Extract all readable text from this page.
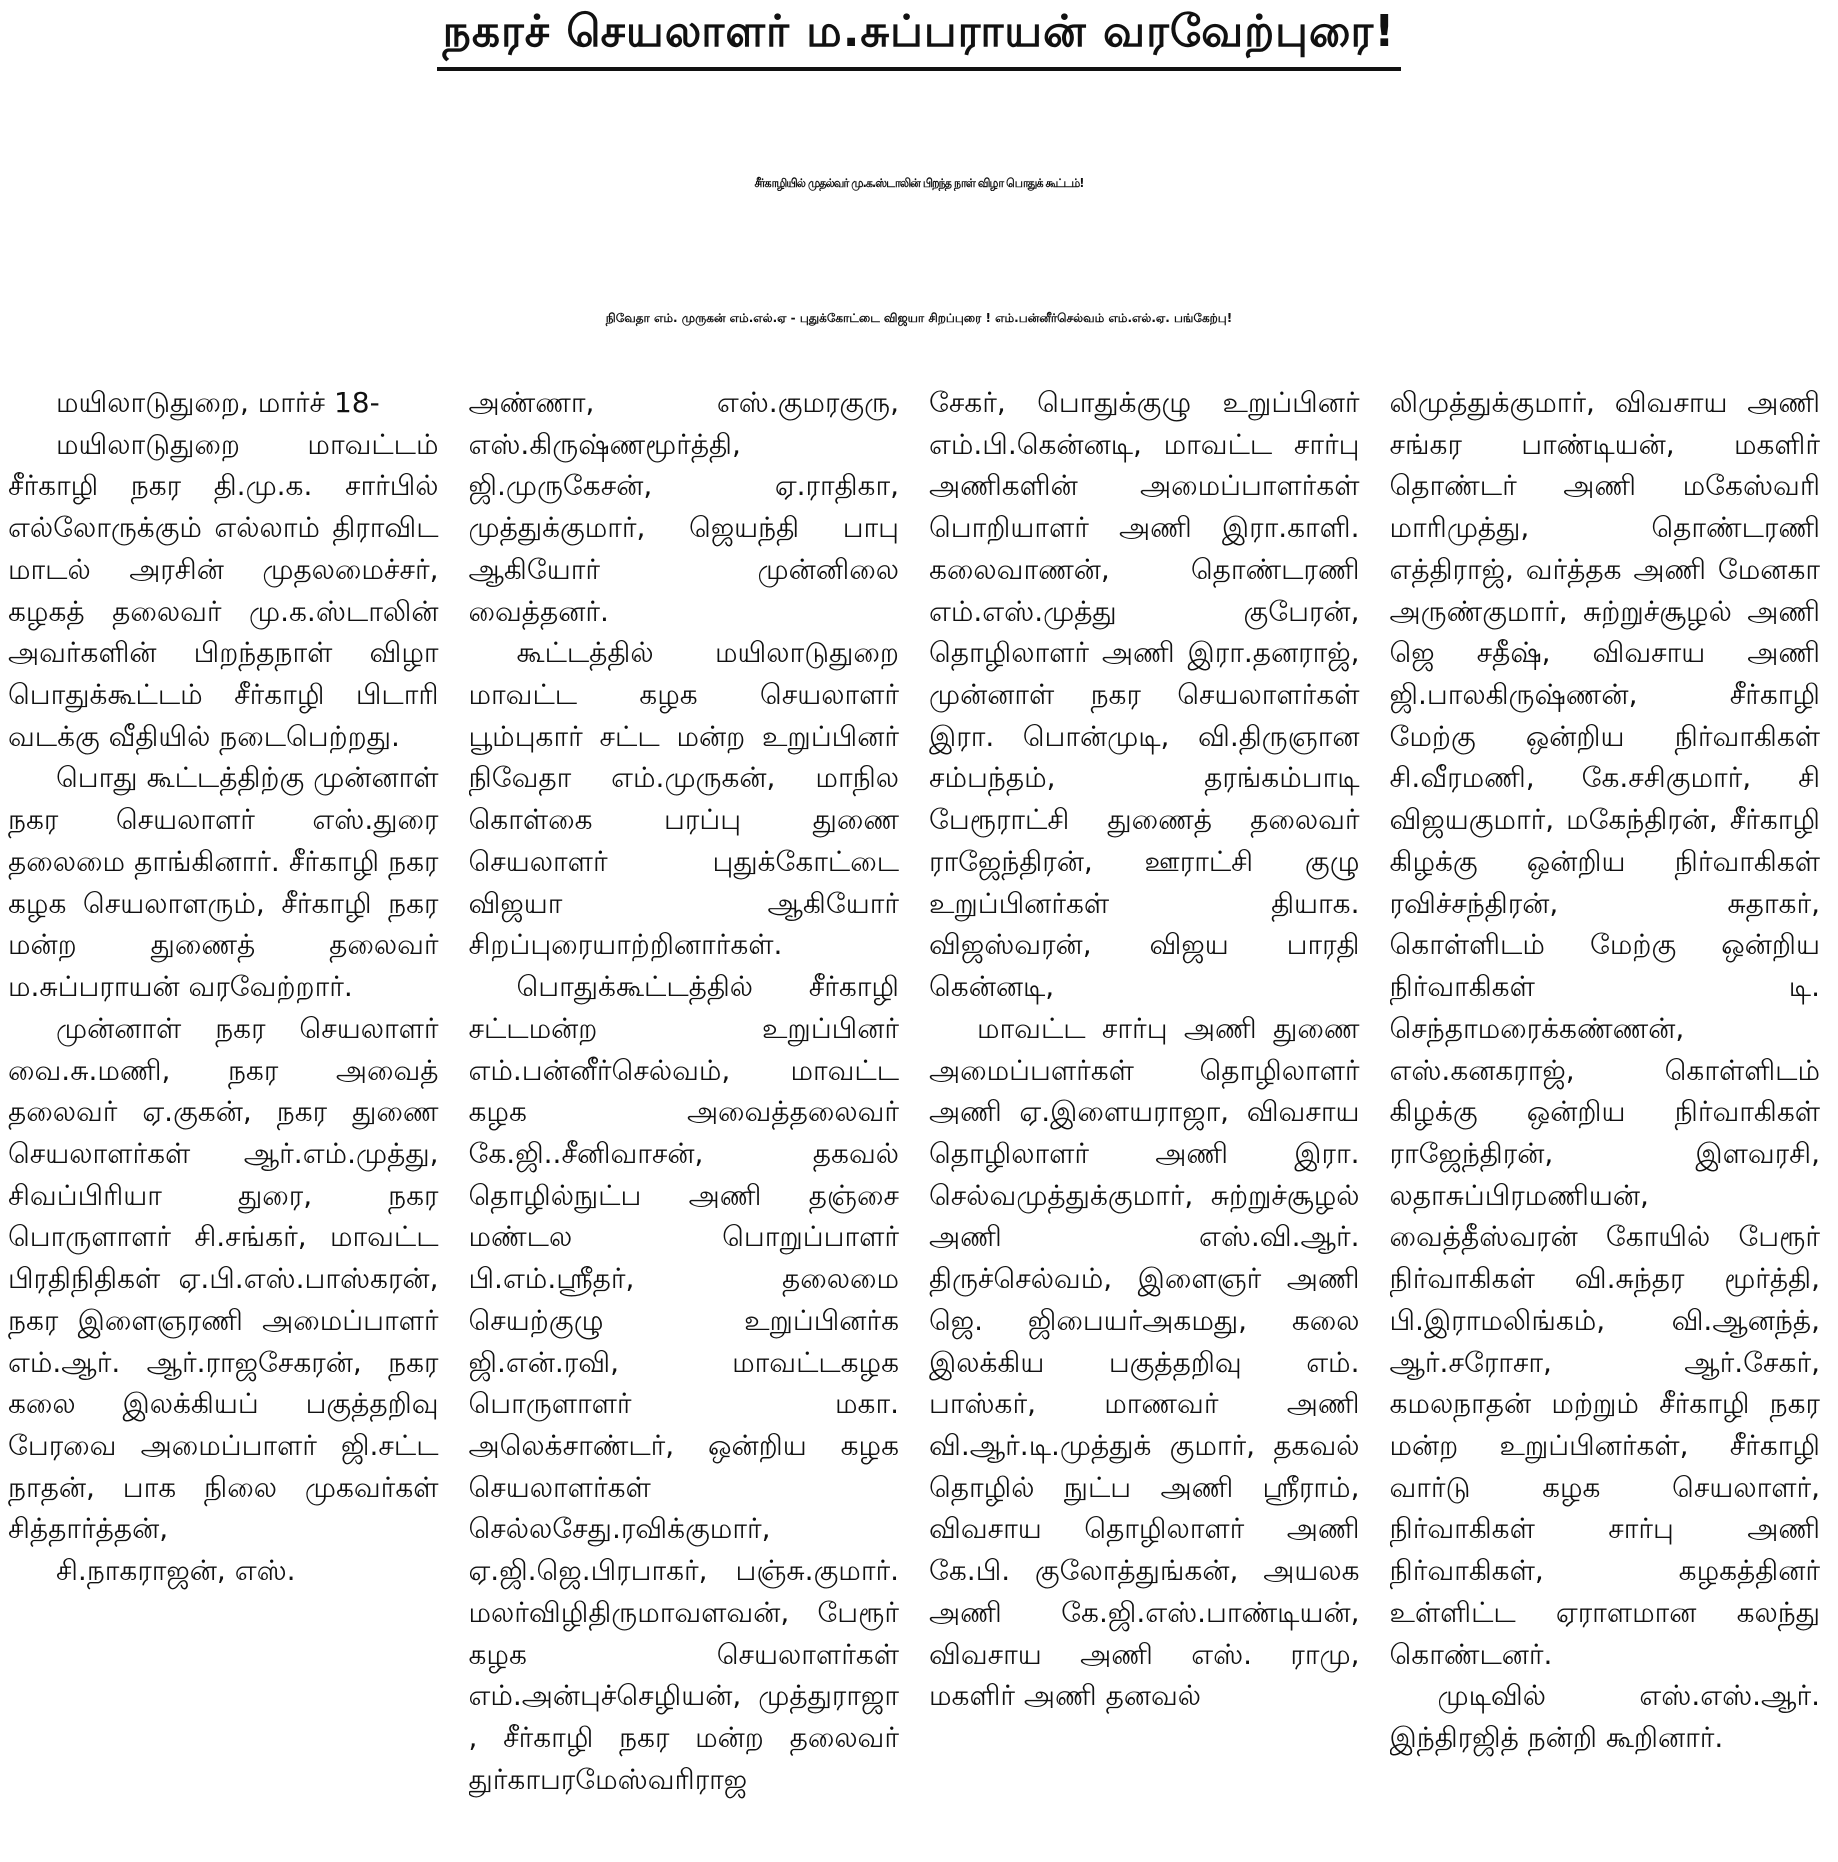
நகரச் செயலாளர் ம.சுப்பராயன் வரவேற்புரை!
சீர்காழியில் முதல்வர் மு.க.ஸ்டாலின் பிறந்த நாள் விழா பொதுக் கூட்டம்!
நிவேதா எம். முருகன் எம்.எல்.ஏ - புதுக்கோட்டை விஜயா சிறப்புரை ! எம்.பன்னீர்செல்வம் எம்.எல்.ஏ. பங்கேற்பு!

மயிலாடுதுறை, மார்ச் 18-

மயிலாடுதுறை மாவட்டம் சீர்காழி நகர தி.மு.க. சார்பில் எல்லோருக்கும் எல்லாம் திராவிட மாடல் அரசின் முதலமைச்சர், கழகத் தலைவர் மு.க.ஸ்டாலின் அவர்களின் பிறந்தநாள் விழா பொதுக்கூட்டம் சீர்காழி பிடாரி வடக்கு வீதியில் நடைபெற்றது.

பொது கூட்டத்திற்கு முன்னாள் நகர செயலாளர் எஸ்.துரை தலைமை தாங்கினார். சீர்காழி நகர கழக செயலாளரும், சீர்காழி நகர மன்ற துணைத் தலைவர் ம.சுப்பராயன் வரவேற்றார்.

முன்னாள் நகர செயலாளர் வை.சு.மணி, நகர அவைத் தலைவர் ஏ.குகன், நகர துணை செயலாளர்கள் ஆர்.எம்.முத்து, சிவப்பிரியா துரை, நகர பொருளாளர் சி.சங்கர், மாவட்ட பிரதிநிதிகள் ஏ.பி.எஸ்.பாஸ்கரன், நகர இளைஞரணி அமைப்பாளர் எம்.ஆர். ஆர்.ராஜசேகரன், நகர கலை இலக்கியப் பகுத்தறிவு பேரவை அமைப்பாளர் ஜி.சட்ட நாதன், பாக நிலை முகவர்கள் சித்தார்த்தன்,

சி.நாகராஜன், எஸ்.

அண்ணா, எஸ்.குமரகுரு, எஸ்.கிருஷ்ணமூர்த்தி, ஜி.முருகேசன், ஏ.ராதிகா, முத்துக்குமார், ஜெயந்தி பாபு ஆகியோர் முன்னிலை வைத்தனர்.

கூட்டத்தில் மயிலாடுதுறை மாவட்ட கழக செயலாளர் பூம்புகார் சட்ட மன்ற உறுப்பினர் நிவேதா எம்.முருகன், மாநில கொள்கை பரப்பு துணை செயலாளர் புதுக்கோட்டை விஜயா ஆகியோர் சிறப்புரையாற்றினார்கள்.

பொதுக்கூட்டத்தில் சீர்காழி சட்டமன்ற உறுப்பினர் எம்.பன்னீர்செல்வம், மாவட்ட கழக அவைத்தலைவர் கே.ஜி..சீனிவாசன், தகவல் தொழில்நுட்ப அணி தஞ்சை மண்டல பொறுப்பாளர் பி.எம்.ஸ்ரீதர், தலைமை செயற்குழு உறுப்பினர்க ஜி.என்.ரவி, மாவட்டகழக பொருளாளர் மகா. அலெக்சாண்டர், ஒன்றிய கழக செயலாளர்கள் செல்லசேது.ரவிக்குமார், ஏ.ஜி.ஜெ.பிரபாகர், பஞ்சு.குமார். மலர்விழிதிருமாவளவன், பேரூர் கழக செயலாளர்கள் எம்.அன்புச்செழியன், முத்துராஜா , சீர்காழி நகர மன்ற தலைவர் துர்காபரமேஸ்வரிராஜ

சேகர், பொதுக்குழு உறுப்பினர் எம்.பி.கென்னடி, மாவட்ட சார்பு அணிகளின் அமைப்பாளர்கள் பொறியாளர் அணி இரா.காளி. கலைவாணன், தொண்டரணி எம்.எஸ்.முத்து குபேரன், தொழிலாளர் அணி இரா.தனராஜ், முன்னாள் நகர செயலாளர்கள் இரா. பொன்முடி, வி.திருஞான சம்பந்தம், தரங்கம்பாடி பேரூராட்சி துணைத் தலைவர் ராஜேந்திரன், ஊராட்சி குழு உறுப்பினர்கள் தியாக. விஜஸ்வரன், விஜய பாரதி கென்னடி,

மாவட்ட சார்பு அணி துணை அமைப்பளர்கள் தொழிலாளர் அணி ஏ.இளையராஜா, விவசாய தொழிலாளர் அணி இரா. செல்வமுத்துக்குமார், சுற்றுச்சூழல் அணி எஸ்.வி.ஆர். திருச்செல்வம், இளைஞர் அணி ஜெ. ஜிபையர்அகமது, கலை இலக்கிய பகுத்தறிவு எம். பாஸ்கர், மாணவர் அணி வி.ஆர்.டி.முத்துக் குமார், தகவல் தொழில் நுட்ப அணி ஸ்ரீராம், விவசாய தொழிலாளர் அணி கே.பி. குலோத்துங்கன், அயலக அணி கே.ஜி.எஸ்.பாண்டியன், விவசாய அணி எஸ். ராமு, மகளிர் அணி தனவல்

லிமுத்துக்குமார், விவசாய அணி சங்கர பாண்டியன், மகளிர் தொண்டர் அணி மகேஸ்வரி மாரிமுத்து, தொண்டரணி எத்திராஜ், வர்த்தக அணி மேனகா அருண்குமார், சுற்றுச்சூழல் அணி ஜெ சதீஷ், விவசாய அணி ஜி.பாலகிருஷ்ணன், சீர்காழி மேற்கு ஒன்றிய நிர்வாகிகள் சி.வீரமணி, கே.சசிகுமார், சி விஜயகுமார், மகேந்திரன், சீர்காழி கிழக்கு ஒன்றிய நிர்வாகிகள் ரவிச்சந்திரன், சுதாகர், கொள்ளிடம் மேற்கு ஒன்றிய நிர்வாகிகள் டி. செந்தாமரைக்கண்ணன், எஸ்.கனகராஜ், கொள்ளிடம் கிழக்கு ஒன்றிய நிர்வாகிகள் ராஜேந்திரன், இளவரசி, லதாசுப்பிரமணியன், வைத்தீஸ்வரன் கோயில் பேரூர் நிர்வாகிகள் வி.சுந்தர மூர்த்தி, பி.இராமலிங்கம், வி.ஆனந்த், ஆர்.சரோசா, ஆர்.சேகர், கமலநாதன் மற்றும் சீர்காழி நகர மன்ற உறுப்பினர்கள், சீர்காழி வார்டு கழக செயலாளர், நிர்வாகிகள் சார்பு அணி நிர்வாகிகள், கழகத்தினர் உள்ளிட்ட ஏராளமான கலந்து கொண்டனர்.

முடிவில் எஸ்.எஸ்.ஆர். இந்திரஜித் நன்றி கூறினார்.
